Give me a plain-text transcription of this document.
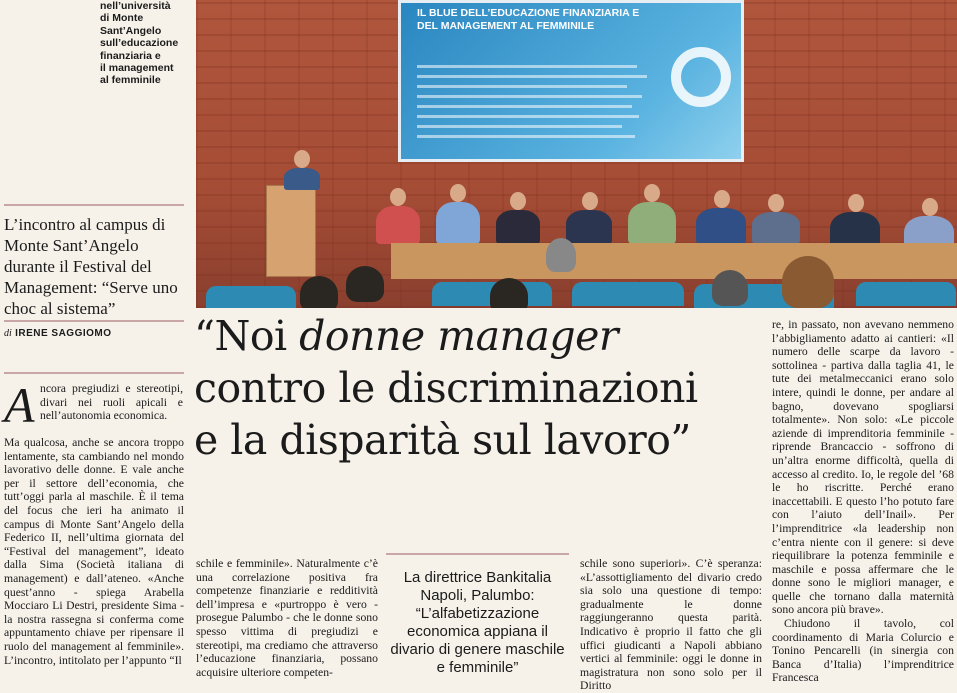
nell’università
di Monte
Sant’Angelo
sull’educazione
finanziaria e
il management
al femminile
L’incontro al campus di Monte Sant’Angelo durante il Festival del Management: “Serve uno choc al sistema”
di IRENE SAGGIOMO
A ncora pregiudizi e stereotipi, divari nei ruoli apicali e nell’autonomia economica.
Ma qualcosa, anche se ancora troppo lentamente, sta cambiando nel mondo lavorativo delle donne. E vale anche per il settore dell’economia, che tutt’oggi parla al maschile. È il tema del focus che ieri ha animato il campus di Monte Sant’Angelo della Federico II, nell’ultima giornata del “Festival del management”, ideato dalla Sima (Società italiana di management) e dall’ateneo. «Anche quest’anno - spiega Arabella Mocciaro Li Destri, presidente Sima - la nostra rassegna si conferma come appuntamento chiave per ripensare il ruolo del management al femminile». L’incontro, intitolato per l’appunto “Il
IL BLUE DELL’EDUCAZIONE FINANZIARIA E DEL MANAGEMENT AL FEMMINILE
“Noi donne manager
contro le discriminazioni
e la disparità sul lavoro”
schile e femminile». Naturalmente c’è una correlazione positiva fra competenze finanziarie e redditività dell’impresa e «purtroppo è vero - prosegue Palumbo - che le donne sono spesso vittima di pregiudizi e stereotipi, ma crediamo che attraverso l’educazione finanziaria, possano acquisire ulteriore competen-
La direttrice Bankitalia Napoli, Palumbo:
“L’alfabetizzazione economica appiana il divario di genere maschile e femminile”
schile sono superiori». C’è speranza: «L’assottigliamento del divario credo sia solo una questione di tempo: gradualmente le donne raggiungeranno questa parità. Indicativo è proprio il fatto che gli uffici giudicanti a Napoli abbiano vertici al femminile: oggi le donne in magistratura non sono solo per il Diritto

re, in passato, non avevano nemmeno l’abbigliamento adatto ai cantieri: «Il numero delle scarpe da lavoro - sottolinea - partiva dalla taglia 41, le tute dei metalmeccanici erano solo intere, quindi le donne, per andare al bagno, dovevano spogliarsi totalmente». Non solo: «Le piccole aziende di imprenditoria femminile - riprende Brancaccio - soffrono di un’altra enorme difficoltà, quella di accesso al credito. Io, le regole del ’68 le ho riscritte. Perché erano inaccettabili. E questo l’ho potuto fare con l’aiuto dell’Inail». Per l’imprenditrice «la leadership non c’entra niente con il genere: si deve riequilibrare la potenza femminile e maschile e possa affermare che le donne sono le migliori manager, e quelle che tornano dalla maternità sono ancora più brave».

Chiudono il tavolo, col coordinamento di Maria Colurcio e Tonino Pencarelli (in sinergia con Banca d’Italia) l’imprenditrice Francesca
